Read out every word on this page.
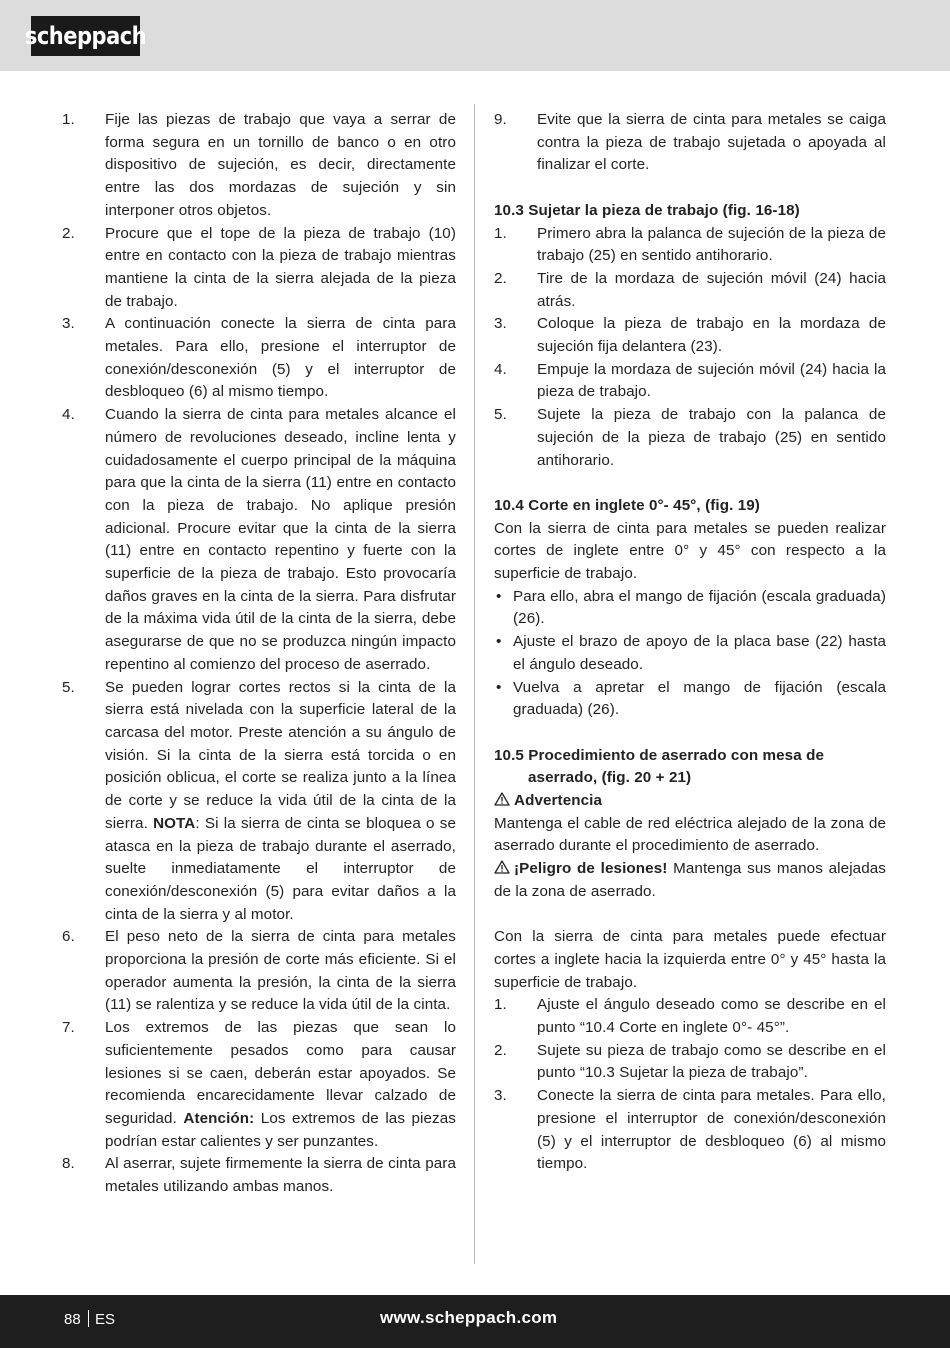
scheppach
1.	Fije las piezas de trabajo que vaya a serrar de forma segura en un tornillo de banco o en otro dispositivo de sujeción, es decir, directamente entre las dos mordazas de sujeción y sin interponer otros objetos.
2.	Procure que el tope de la pieza de trabajo (10) entre en contacto con la pieza de trabajo mientras mantiene la cinta de la sierra alejada de la pieza de trabajo.
3.	A continuación conecte la sierra de cinta para metales. Para ello, presione el interruptor de conexión/desconexión (5) y el interruptor de desbloqueo (6) al mismo tiempo.
4.	Cuando la sierra de cinta para metales alcance el número de revoluciones deseado, incline lenta y cuidadosamente el cuerpo principal de la máquina para que la cinta de la sierra (11) entre en contacto con la pieza de trabajo. No aplique presión adicional. Procure evitar que la cinta de la sierra (11) entre en contacto repentino y fuerte con la superficie de la pieza de trabajo. Esto provocaría daños graves en la cinta de la sierra. Para disfrutar de la máxima vida útil de la cinta de la sierra, debe asegurarse de que no se produzca ningún impacto repentino al comienzo del proceso de aserrado.
5.	Se pueden lograr cortes rectos si la cinta de la sierra está nivelada con la superficie lateral de la carcasa del motor. Preste atención a su ángulo de visión. Si la cinta de la sierra está torcida o en posición oblicua, el corte se realiza junto a la línea de corte y se reduce la vida útil de la cinta de la sierra. NOTA: Si la sierra de cinta se bloquea o se atasca en la pieza de trabajo durante el aserrado, suelte inmediatamente el interruptor de conexión/desconexión (5) para evitar daños a la cinta de la sierra y al motor.
6.	El peso neto de la sierra de cinta para metales proporciona la presión de corte más eficiente. Si el operador aumenta la presión, la cinta de la sierra (11) se ralentiza y se reduce la vida útil de la cinta.
7.	Los extremos de las piezas que sean lo suficientemente pesados como para causar lesiones si se caen, deberán estar apoyados. Se recomienda encarecidamente llevar calzado de seguridad. Atención: Los extremos de las piezas podrían estar calientes y ser punzantes.
8.	Al aserrar, sujete firmemente la sierra de cinta para metales utilizando ambas manos.
9.	Evite que la sierra de cinta para metales se caiga contra la pieza de trabajo sujetada o apoyada al finalizar el corte.
10.3 Sujetar la pieza de trabajo (fig. 16-18)
1.	Primero abra la palanca de sujeción de la pieza de trabajo (25) en sentido antihorario.
2.	Tire de la mordaza de sujeción móvil (24) hacia atrás.
3.	Coloque la pieza de trabajo en la mordaza de sujeción fija delantera (23).
4.	Empuje la mordaza de sujeción móvil (24) hacia la pieza de trabajo.
5.	Sujete la pieza de trabajo con la palanca de sujeción de la pieza de trabajo (25) en sentido antihorario.
10.4 Corte en inglete 0°- 45°, (fig. 19)
Con la sierra de cinta para metales se pueden realizar cortes de inglete entre 0° y 45° con respecto a la superficie de trabajo.
• Para ello, abra el mango de fijación (escala graduada) (26).
• Ajuste el brazo de apoyo de la placa base (22) hasta el ángulo deseado.
• Vuelva a apretar el mango de fijación (escala graduada) (26).
10.5 Procedimiento de aserrado con mesa de aserrado, (fig. 20 + 21)
Advertencia
Mantenga el cable de red eléctrica alejado de la zona de aserrado durante el procedimiento de aserrado.
¡Peligro de lesiones! Mantenga sus manos alejadas de la zona de aserrado.
Con la sierra de cinta para metales puede efectuar cortes a inglete hacia la izquierda entre 0° y 45° hasta la superficie de trabajo.
1.	Ajuste el ángulo deseado como se describe en el punto “10.4 Corte en inglete 0°- 45°”.
2.	Sujete su pieza de trabajo como se describe en el punto “10.3 Sujetar la pieza de trabajo”.
3.	Conecte la sierra de cinta para metales. Para ello, presione el interruptor de conexión/desconexión (5) y el interruptor de desbloqueo (6) al mismo tiempo.
88 ES	www.scheppach.com
